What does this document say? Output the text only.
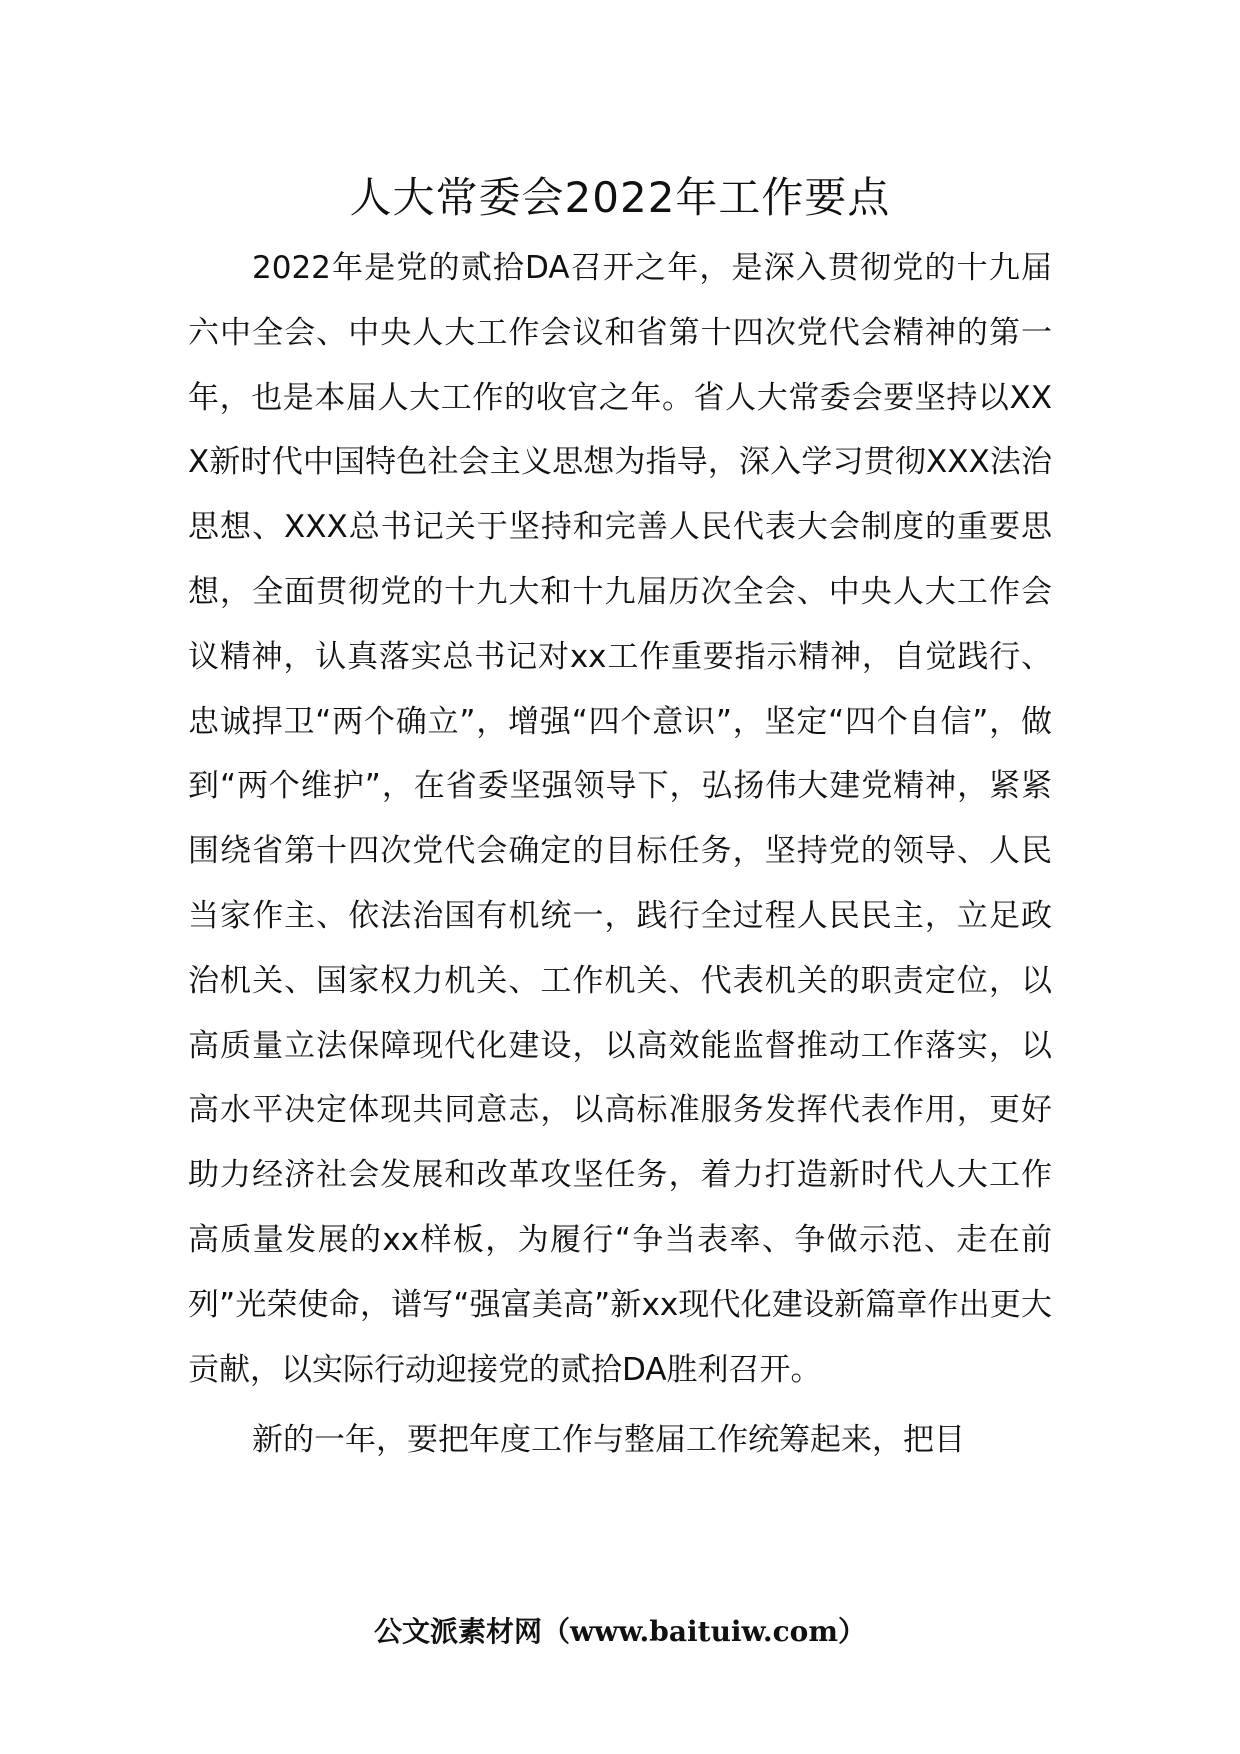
人大常委会2022年工作要点

2022年是党的贰拾DA召开之年，是深入贯彻党的十九届六中全会、中央人大工作会议和省第十四次党代会精神的第一年，也是本届人大工作的收官之年。省人大常委会要坚持以XXX新时代中国特色社会主义思想为指导，深入学习贯彻XXX法治思想、XXX总书记关于坚持和完善人民代表大会制度的重要思想，全面贯彻党的十九大和十九届历次全会、中央人大工作会议精神，认真落实总书记对xx工作重要指示精神，自觉践行、忠诚捍卫“两个确立”，增强“四个意识”，坚定“四个自信”，做到“两个维护”，在省委坚强领导下，弘扬伟大建党精神，紧紧围绕省第十四次党代会确定的目标任务，坚持党的领导、人民当家作主、依法治国有机统一，践行全过程人民民主，立足政治机关、国家权力机关、工作机关、代表机关的职责定位，以高质量立法保障现代化建设，以高效能监督推动工作落实，以高水平决定体现共同意志，以高标准服务发挥代表作用，更好助力经济社会发展和改革攻坚任务，着力打造新时代人大工作高质量发展的xx样板，为履行“争当表率、争做示范、走在前列”光荣使命，谱写“强富美高”新xx现代化建设新篇章作出更大贡献，以实际行动迎接党的贰拾DA胜利召开。

新的一年，要把年度工作与整届工作统筹起来，把目

公文派素材网（www.baituiw.com）
